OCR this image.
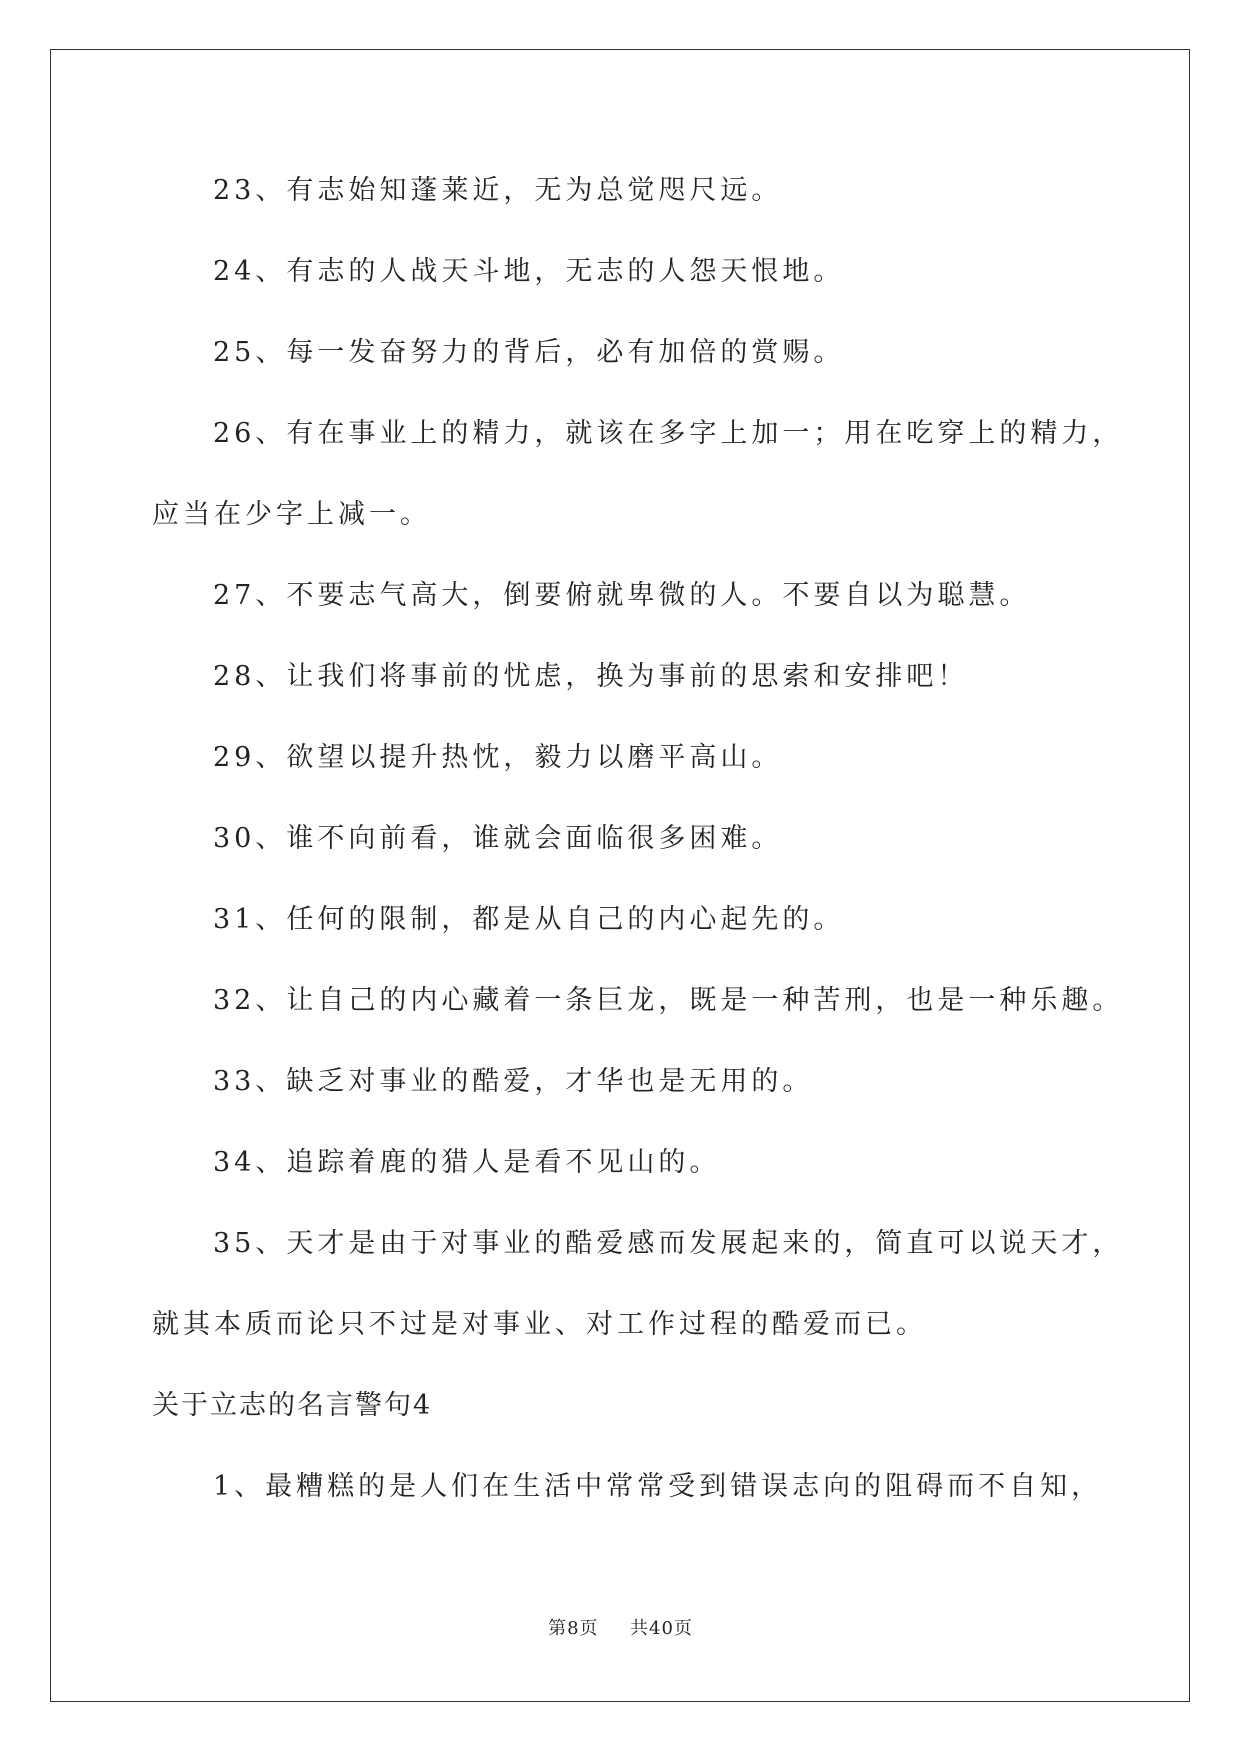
23、有志始知蓬莱近，无为总觉咫尺远。
24、有志的人战天斗地，无志的人怨天恨地。
25、每一发奋努力的背后，必有加倍的赏赐。
26、有在事业上的精力，就该在多字上加一；用在吃穿上的精力，
应当在少字上减一。
27、不要志气高大，倒要俯就卑微的人。不要自以为聪慧。
28、让我们将事前的忧虑，换为事前的思索和安排吧！
29、欲望以提升热忱，毅力以磨平高山。
30、谁不向前看，谁就会面临很多困难。
31、任何的限制，都是从自己的内心起先的。
32、让自己的内心藏着一条巨龙，既是一种苦刑，也是一种乐趣。
33、缺乏对事业的酷爱，才华也是无用的。
34、追踪着鹿的猎人是看不见山的。
35、天才是由于对事业的酷爱感而发展起来的，简直可以说天才，
就其本质而论只不过是对事业、对工作过程的酷爱而已。
关于立志的名言警句4
1、最糟糕的是人们在生活中常常受到错误志向的阻碍而不自知，
第8页 共40页
